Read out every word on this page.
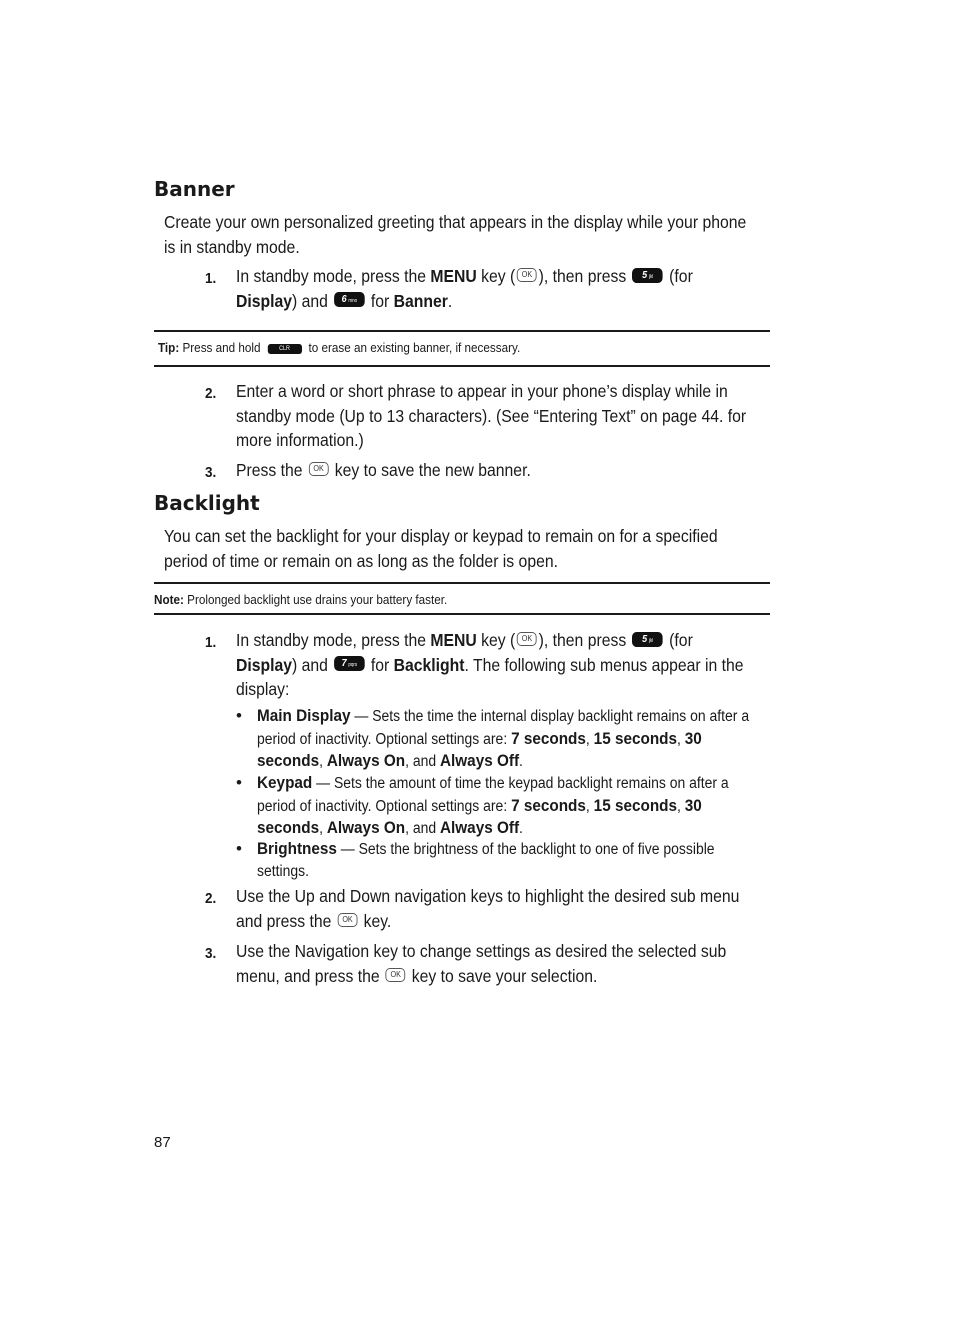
Banner
Create your own personalized greeting that appears in the display while your phone
is in standby mode.
1. In standby mode, press the MENU key ( OK ), then press 5 jkl (for
Display) and 6 mno for Banner.
Tip: Press and hold	CLR to erase an existing banner, if necessary.
2. Enter a word or short phrase to appear in your phone’s display while in
standby mode (Up to 13 characters). (See “Entering Text” on page 44. for
more information.)
3. Press the OK key to save the new banner.
Backlight
You can set the backlight for your display or keypad to remain on for a specified
period of time or remain on as long as the folder is open.
Note: Prolonged backlight use drains your battery faster.
1. In standby mode, press the MENU key ( OK ), then press 5 jkl (for
Display) and 7 pqrs for Backlight. The following sub menus appear in the
display:
• Main Display — Sets the time the internal display backlight remains on after a
period of inactivity. Optional settings are: 7 seconds, 15 seconds, 30
seconds, Always On, and Always Off.
• Keypad — Sets the amount of time the keypad backlight remains on after a
period of inactivity. Optional settings are: 7 seconds, 15 seconds, 30
seconds, Always On, and Always Off.
• Brightness — Sets the brightness of the backlight to one of five possible
settings.
2. Use the Up and Down navigation keys to highlight the desired sub menu
and press the OK key.
3. Use the Navigation key to change settings as desired the selected sub
menu, and press the OK key to save your selection.
87
